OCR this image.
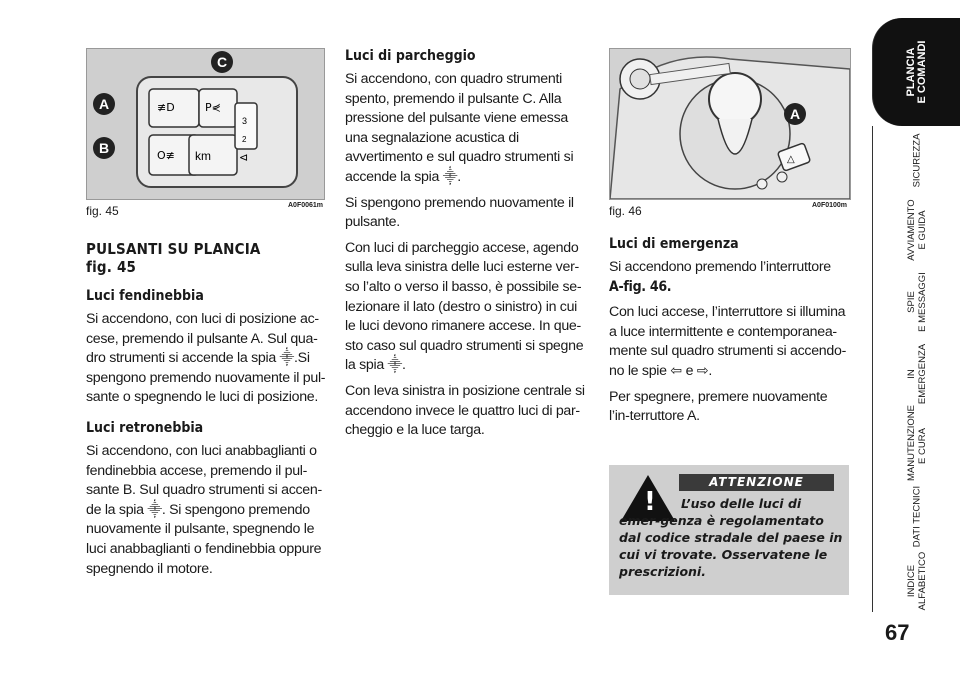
≢D	P⋞
O≢ km
3
2
⊲
C
A
B
fig. 45	A0F0061m
△
A
fig. 46	A0F0100m
PULSANTI SU PLANCIA
fig. 45
Luci fendinebbia

Si accendono, con luci di posizione ac-cese, premendo il pulsante A. Sul qua-dro strumenti si accende la spia ⸎.Si spengono premendo nuovamente il pul-sante o spegnendo le luci di posizione.

Luci retronebbia

Si accendono, con luci anabbaglianti o fendinebbia accese, premendo il pul-sante B. Sul quadro strumenti si accen-de la spia ⸎. Si spengono premendo nuovamente il pulsante, spegnendo le luci anabbaglianti o fendinebbia oppure spegnendo il motore.

Luci di parcheggio

Si accendono, con quadro strumenti spento, premendo il pulsante C. Alla pressione del pulsante viene emessa una segnalazione acustica di avvertimento e sul quadro strumenti si accende la spia ⸎.

Si spengono premendo nuovamente il pulsante.

Con luci di parcheggio accese, agendo sulla leva sinistra delle luci esterne ver-so l’alto o verso il basso, è possibile se-lezionare il lato (destro o sinistro) in cui le luci devono rimanere accese. In que-sto caso sul quadro strumenti si spegne la spia ⸎.

Con leva sinistra in posizione centrale si accendono invece le quattro luci di par-cheggio e la luce targa.

Luci di emergenza

Si accendono premendo l’interruttore

A-fig. 46.

Con luci accese, l’interruttore si illumina a luce intermittente e contemporanea-mente sul quadro strumenti si accendo-no le spie ⇦ e ⇨.

Per spegnere, premere nuovamente l’in-terruttore A.

!
ATTENZIONE
L’uso delle luci di emer-genza è regolamentato dal codice stradale del paese in cui vi trovate. Osservatene le prescrizioni.
PLANCIA
E COMANDI
SICUREZZA
AVVIAMENTO
E GUIDA
SPIE
E MESSAGGI
IN EMERGENZA
MANUTENZIONE
E CURA
DATI TECNICI
INDICE
ALFABETICO
67
